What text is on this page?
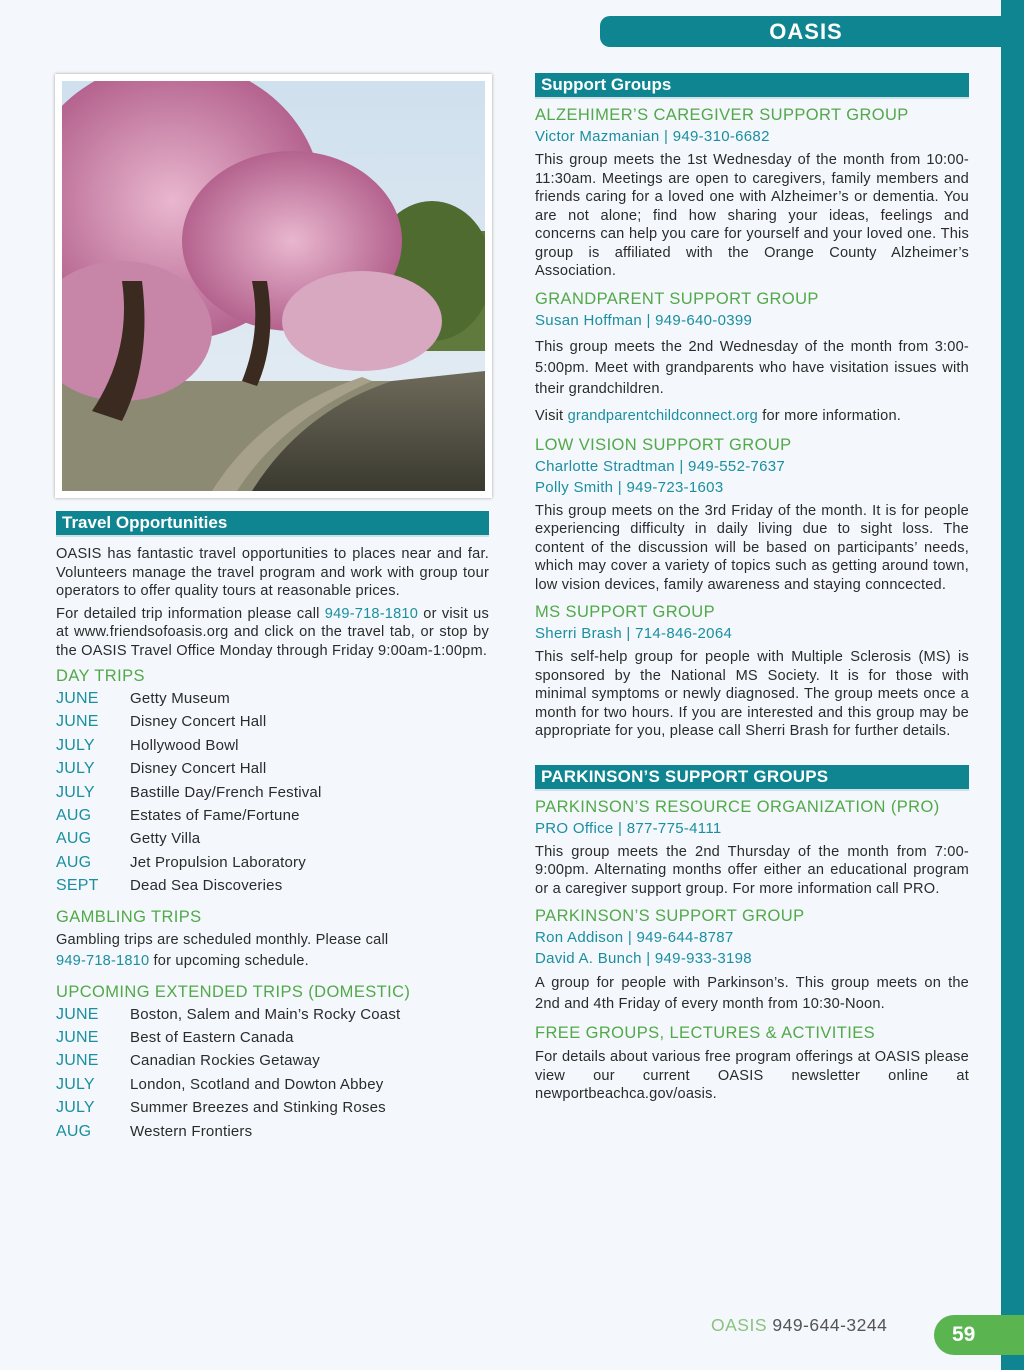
OASIS
Travel Opportunities

OASIS has fantastic travel opportunities to places near and far. Volunteers manage the travel program and work with group tour operators to offer quality tours at reasonable prices.

For detailed trip information please call 949-718-1810 or visit us at www.friendsofoasis.org and click on the travel tab, or stop by the OASIS Travel Office Monday through Friday 9:00am-1:00pm.

DAY TRIPS
JUNE	Getty Museum
JUNE	Disney Concert Hall
JULY	Hollywood Bowl
JULY	Disney Concert Hall
JULY	Bastille Day/French Festival
AUG	Estates of Fame/Fortune
AUG	Getty Villa
AUG	Jet Propulsion Laboratory
SEPT	Dead Sea Discoveries
GAMBLING TRIPS

Gambling trips are scheduled monthly. Please call
949-718-1810 for upcoming schedule.

UPCOMING EXTENDED TRIPS (DOMESTIC)
JUNE	Boston, Salem and Main’s Rocky Coast
JUNE	Best of Eastern Canada
JUNE	Canadian Rockies Getaway
JULY	London, Scotland and Dowton Abbey
JULY	Summer Breezes and Stinking Roses
AUG	Western Frontiers
Support Groups
ALZEHIMER’S CAREGIVER SUPPORT GROUP
Victor Mazmanian | 949-310-6682

This group meets the 1st Wednesday of the month from 10:00-11:30am. Meetings are open to caregivers, family members and friends caring for a loved one with Alzheimer’s or dementia. You are not alone; find how sharing your ideas, feelings and concerns can help you care for yourself and your loved one. This group is affiliated with the Orange County Alzheimer’s Association.

GRANDPARENT SUPPORT GROUP
Susan Hoffman | 949-640-0399

This group meets the 2nd Wednesday of the month from 3:00-5:00pm. Meet with grandparents who have visitation issues with their grandchildren.

Visit grandparentchildconnect.org for more information.

LOW VISION SUPPORT GROUP
Charlotte Stradtman | 949-552-7637
Polly Smith | 949-723-1603

This group meets on the 3rd Friday of the month. It is for people experiencing difficulty in daily living due to sight loss. The content of the discussion will be based on participants’ needs, which may cover a variety of topics such as getting around town, low vision devices, family awareness and staying conncected.

MS SUPPORT GROUP
Sherri Brash | 714-846-2064

This self-help group for people with Multiple Sclerosis (MS) is sponsored by the National MS Society. It is for those with minimal symptoms or newly diagnosed. The group meets once a month for two hours. If you are interested and this group may be appropriate for you, please call Sherri Brash for further details.

PARKINSON’S SUPPORT GROUPS
PARKINSON’S RESOURCE ORGANIZATION (PRO)
PRO Office | 877-775-4111

This group meets the 2nd Thursday of the month from 7:00-9:00pm. Alternating months offer either an educational program or a caregiver support group. For more information call PRO.

PARKINSON’S SUPPORT GROUP
Ron Addison | 949-644-8787
David A. Bunch | 949-933-3198

A group for people with Parkinson’s. This group meets on the 2nd and 4th Friday of every month from 10:30-Noon.

FREE GROUPS, LECTURES & ACTIVITIES

For details about various free program offerings at OASIS please view our current OASIS newsletter online at newportbeachca.gov/oasis.

OASIS 949-644-3244	59
